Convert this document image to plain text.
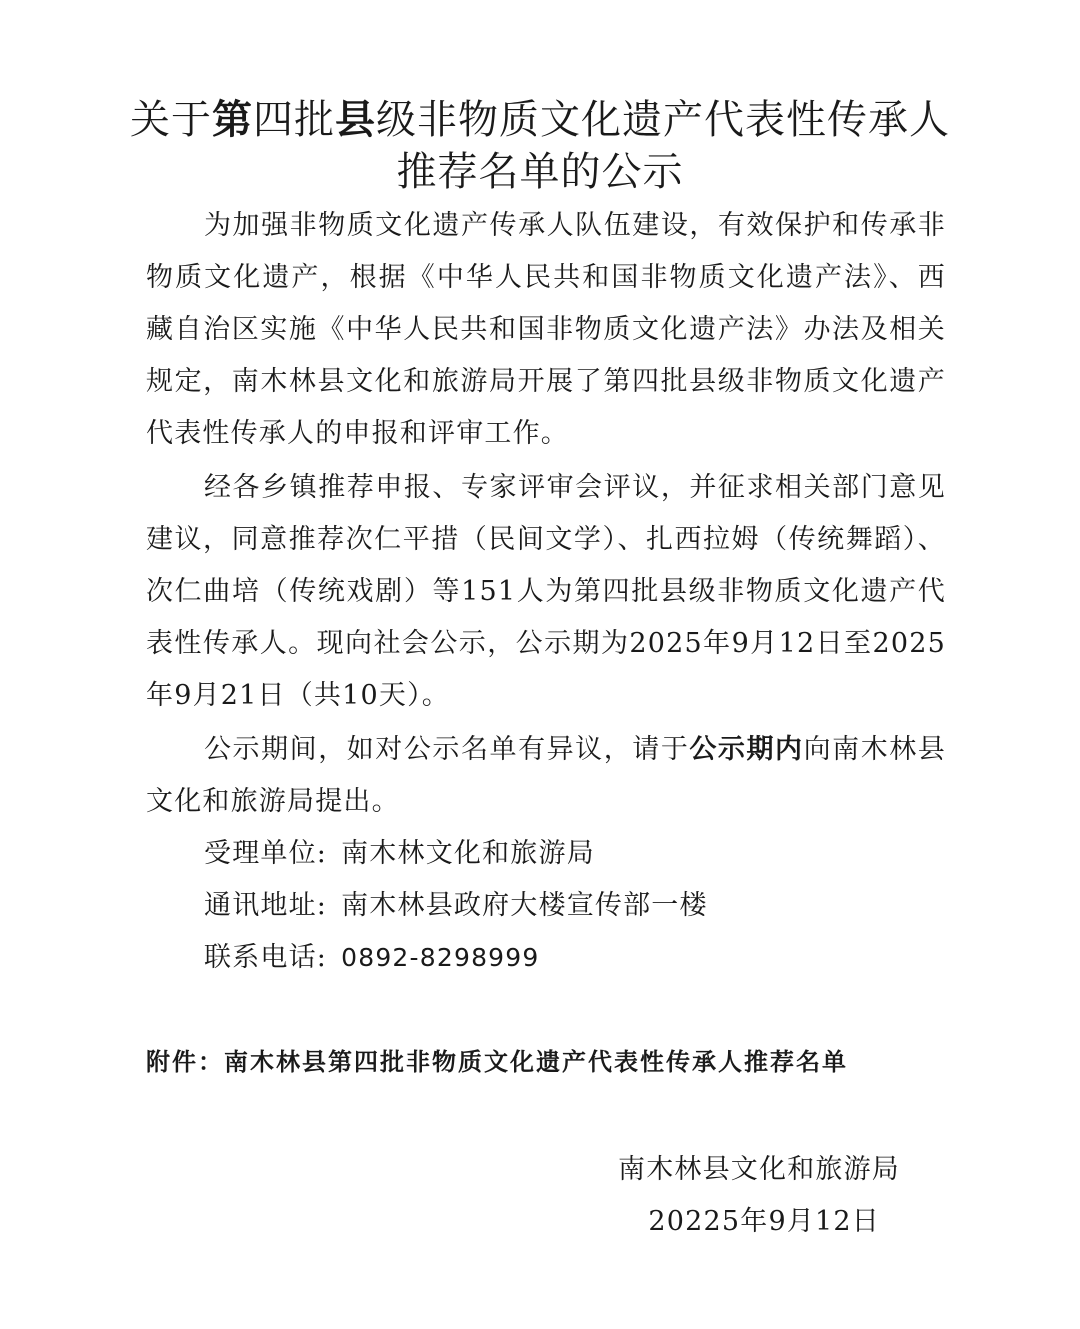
关于第四批县级非物质文化遗产代表性传承人
推荐名单的公示

为加强非物质文化遗产传承人队伍建设，有效保护和传承非物质文化遗产，根据《中华人民共和国非物质文化遗产法》、西藏自治区实施《中华人民共和国非物质文化遗产法》办法及相关规定，南木林县文化和旅游局开展了第四批县级非物质文化遗产代表性传承人的申报和评审工作。

经各乡镇推荐申报、专家评审会评议，并征求相关部门意见建议，同意推荐次仁平措（民间文学）、扎西拉姆（传统舞蹈）、次仁曲培（传统戏剧）等151人为第四批县级非物质文化遗产代表性传承人。现向社会公示，公示期为2025年9月12日至2025年9月21日（共10天）。

公示期间，如对公示名单有异议，请于公示期内向南木林县文化和旅游局提出。

受理单位: 南木林文化和旅游局

通讯地址: 南木林县政府大楼宣传部一楼

联系电话: 0892-8298999

附件：南木林县第四批非物质文化遗产代表性传承人推荐名单

南木林县文化和旅游局

20225年9月12日
